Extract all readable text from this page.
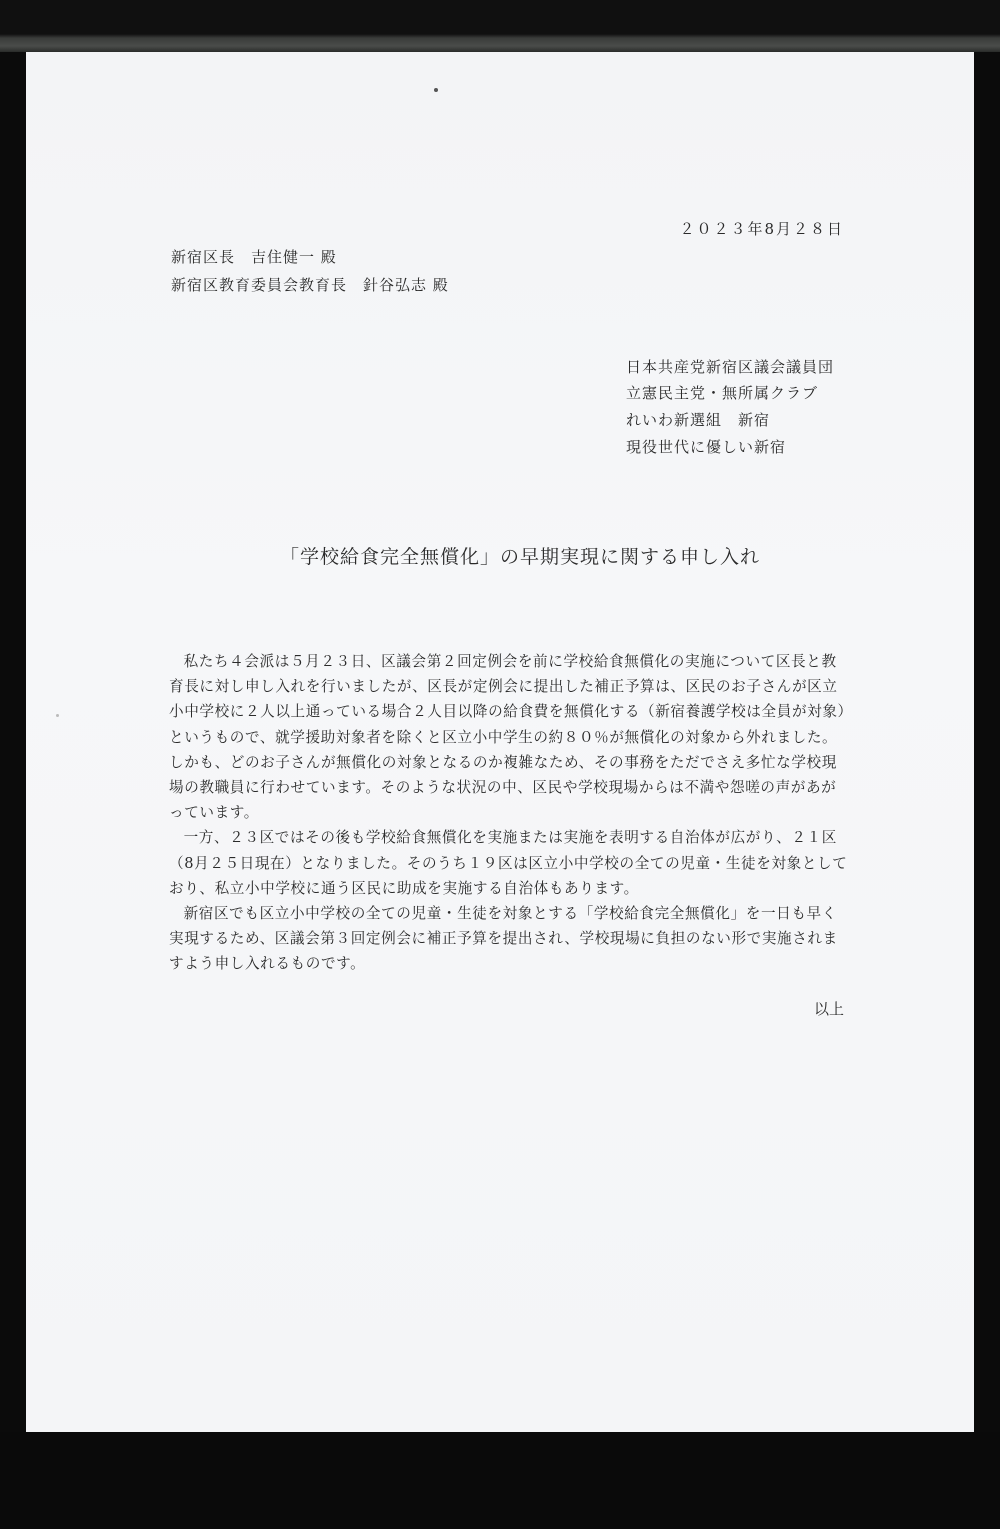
２０２３年8月２８日
新宿区長　吉住健一 殿
新宿区教育委員会教育長　針谷弘志 殿
日本共産党新宿区議会議員団
立憲民主党・無所属クラブ
れいわ新選組　新宿
現役世代に優しい新宿
「学校給食完全無償化」の早期実現に関する申し入れ

私たち４会派は５月２３日、区議会第２回定例会を前に学校給食無償化の実施について区長と教育長に対し申し入れを行いましたが、区長が定例会に提出した補正予算は、区民のお子さんが区立小中学校に２人以上通っている場合２人目以降の給食費を無償化する（新宿養護学校は全員が対象）というもので、就学援助対象者を除くと区立小中学生の約８０％が無償化の対象から外れました。しかも、どのお子さんが無償化の対象となるのか複雑なため、その事務をただでさえ多忙な学校現場の教職員に行わせています。そのような状況の中、区民や学校現場からは不満や怨嗟の声があがっています。

一方、２３区ではその後も学校給食無償化を実施または実施を表明する自治体が広がり、２１区（8月２５日現在）となりました。そのうち１９区は区立小中学校の全ての児童・生徒を対象としており、私立小中学校に通う区民に助成を実施する自治体もあります。

新宿区でも区立小中学校の全ての児童・生徒を対象とする「学校給食完全無償化」を一日も早く実現するため、区議会第３回定例会に補正予算を提出され、学校現場に負担のない形で実施されますよう申し入れるものです。

以上
